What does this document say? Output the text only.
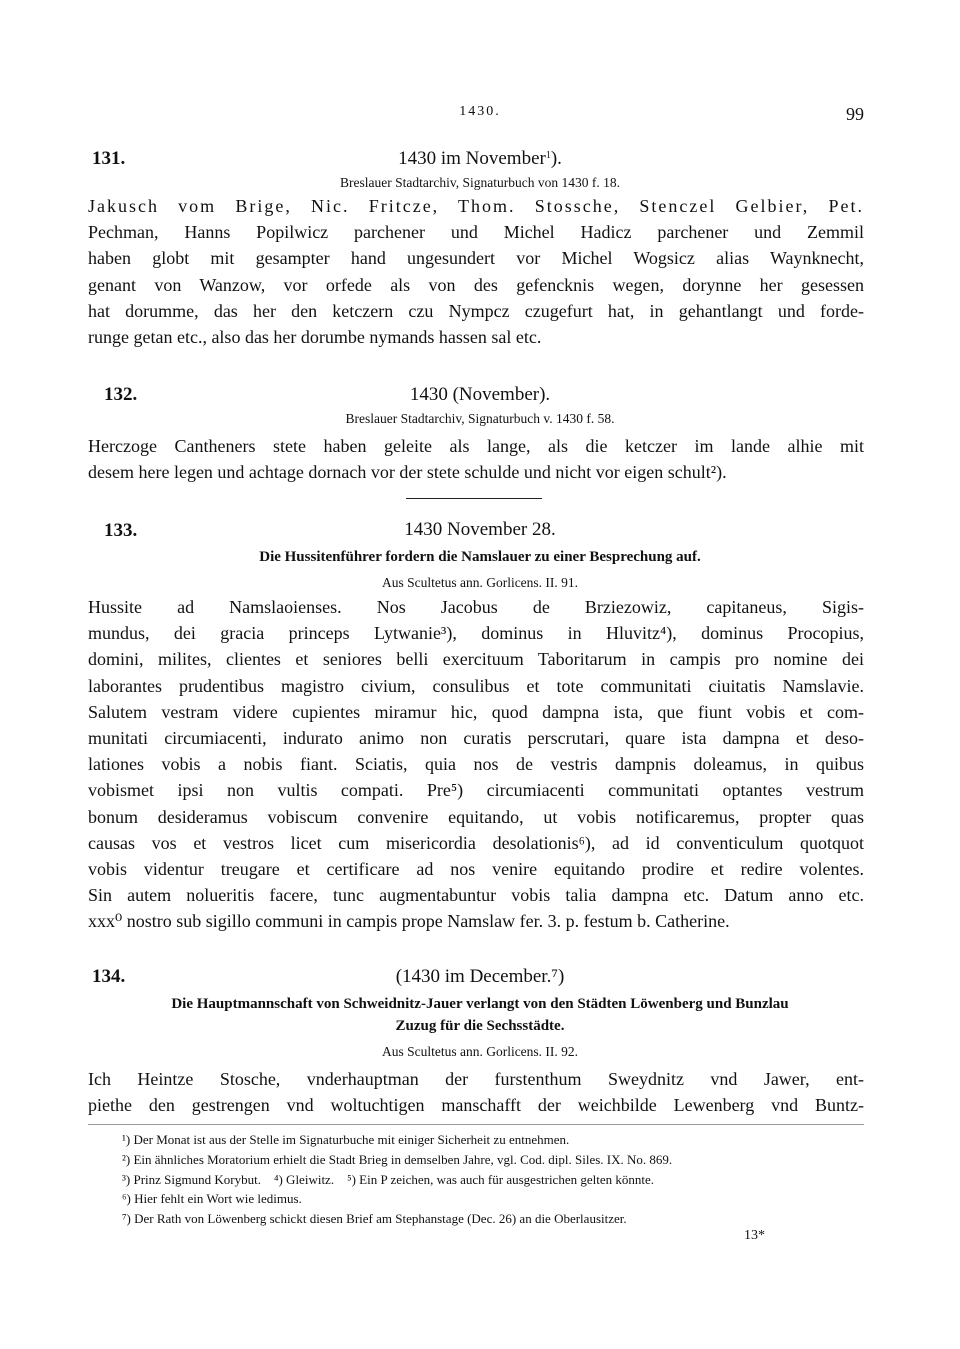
1430.	99
131.	1430 im November$^1$).
Breslauer Stadtarchiv, Signaturbuch von 1430 f. 18.
Jakusch vom Brige, Nic. Fritcze, Thom. Stossche, Stenczel Gelbier, Pet.
Pechman, Hanns Popilwicz parchener und Michel Hadicz parchener und Zemmil
haben globt mit gesampter hand ungesundert vor Michel Wogsicz alias Waynknecht,
genant von Wanzow, vor orfede als von des gefencknis wegen, dorynne her gesessen
hat dorumme, das her den ketczern czu Nympcz czugefurt hat, in gehantlangt und forde-
runge getan etc., also das her dorumbe nymands hassen sal etc.
132.	1430 (November).
Breslauer Stadtarchiv, Signaturbuch v. 1430 f. 58.
Herczoge Cantheners stete haben geleite als lange, als die ketczer im lande alhie mit
desem here legen und achtage dornach vor der stete schulde und nicht vor eigen schult²).
133.	1430 November 28.
Die Hussitenführer fordern die Namslauer zu einer Besprechung auf.
Aus Scultetus ann. Gorlicens. II. 91.
Hussite ad Namslaoienses. Nos Jacobus de Brziezowiz, capitaneus, Sigis-
mundus, dei gracia princeps Lytwanie³), dominus in Hluvitz⁴), dominus Procopius,
domini, milites, clientes et seniores belli exercituum Taboritarum in campis pro nomine dei
laborantes prudentibus magistro civium, consulibus et tote communitati ciuitatis Namslavie.
Salutem vestram videre cupientes miramur hic, quod dampna ista, que fiunt vobis et com-
munitati circumiacenti, indurato animo non curatis perscrutari, quare ista dampna et deso-
lationes vobis a nobis fiant. Sciatis, quia nos de vestris dampnis doleamus, in quibus
vobismet ipsi non vultis compati. Pre⁵) circumiacenti communitati optantes vestrum
bonum desideramus vobiscum convenire equitando, ut vobis notificaremus, propter quas
causas vos et vestros licet cum misericordia desolationis⁶), ad id conventiculum quotquot
vobis videntur treugare et certificare ad nos venire equitando prodire et redire volentes.
Sin autem nolueritis facere, tunc augmentabuntur vobis talia dampna etc. Datum anno etc.
xxx⁰ nostro sub sigillo communi in campis prope Namslaw fer. 3. p. festum b. Catherine.
134.	(1430 im December.⁷)
Die Hauptmannschaft von Schweidnitz-Jauer verlangt von den Städten Löwenberg und Bunzlau
Zuzug für die Sechsstädte.
Aus Scultetus ann. Gorlicens. II. 92.
Ich Heintze Stosche, vnderhauptman der furstenthum Sweydnitz vnd Jawer, ent-
piethe den gestrengen vnd woltuchtigen manschafft der weichbilde Lewenberg vnd Buntz-
¹) Der Monat ist aus der Stelle im Signaturbuche mit einiger Sicherheit zu entnehmen.
²) Ein ähnliches Moratorium erhielt die Stadt Brieg in demselben Jahre, vgl. Cod. dipl. Siles. IX. No. 869.
³) Prinz Sigmund Korybut.    ⁴) Gleiwitz.    ⁵) Ein P zeichen, was auch für ausgestrichen gelten könnte.
⁶) Hier fehlt ein Wort wie ledimus.
⁷) Der Rath von Löwenberg schickt diesen Brief am Stephanstage (Dec. 26) an die Oberlausitzer.
13*
